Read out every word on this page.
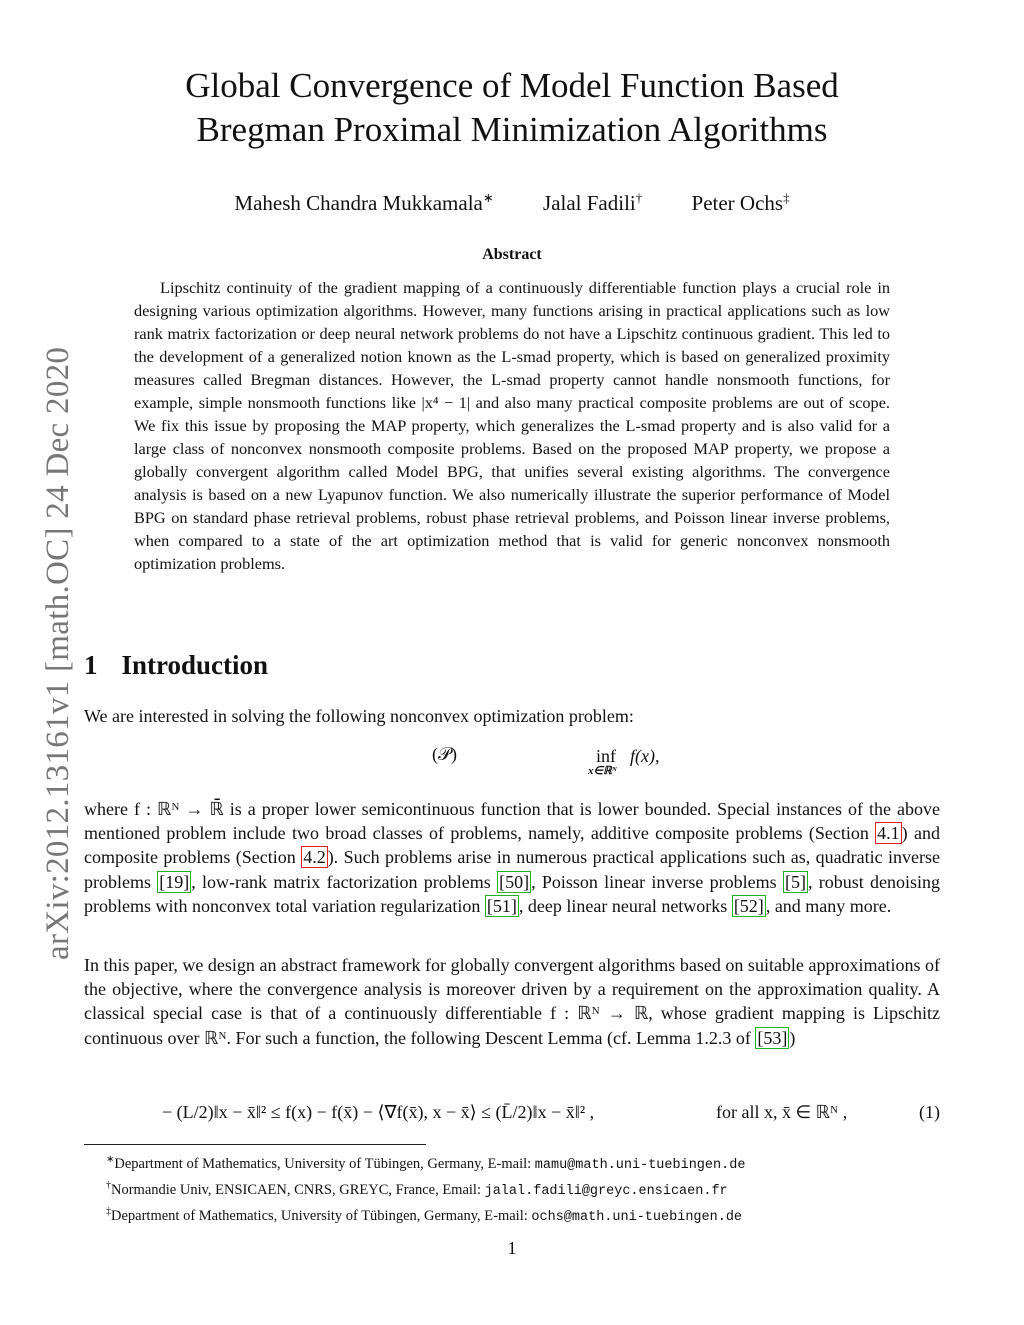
arXiv:2012.13161v1 [math.OC] 24 Dec 2020
Global Convergence of Model Function Based
Bregman Proximal Minimization Algorithms
Mahesh Chandra Mukkamala∗ Jalal Fadili† Peter Ochs‡
Abstract

Lipschitz continuity of the gradient mapping of a continuously differentiable function plays a crucial role in designing various optimization algorithms. However, many functions arising in practical applications such as low rank matrix factorization or deep neural network problems do not have a Lipschitz continuous gradient. This led to the development of a generalized notion known as the L-smad property, which is based on generalized proximity measures called Bregman distances. However, the L-smad property cannot handle nonsmooth functions, for example, simple nonsmooth functions like |x⁴ − 1| and also many practical composite problems are out of scope. We fix this issue by proposing the MAP property, which generalizes the L-smad property and is also valid for a large class of nonconvex nonsmooth composite problems. Based on the proposed MAP property, we propose a globally convergent algorithm called Model BPG, that unifies several existing algorithms. The convergence analysis is based on a new Lyapunov function. We also numerically illustrate the superior performance of Model BPG on standard phase retrieval problems, robust phase retrieval problems, and Poisson linear inverse problems, when compared to a state of the art optimization method that is valid for generic nonconvex nonsmooth optimization problems.

1 Introduction

We are interested in solving the following nonconvex optimization problem:

(𝒫)	inf
x∈ℝᴺ
f(x),

where f : ℝᴺ → ℝ̄ is a proper lower semicontinuous function that is lower bounded. Special instances of the above mentioned problem include two broad classes of problems, namely, additive composite problems (Section 4.1 ) and composite problems (Section 4.2 ). Such problems arise in numerous practical applications such as, quadratic inverse problems [19] , low-rank matrix factorization problems [50] , Poisson linear inverse problems [5] , robust denoising problems with nonconvex total variation regularization [51] , deep linear neural networks [52] , and many more.

In this paper, we design an abstract framework for globally convergent algorithms based on suitable approximations of the objective, where the convergence analysis is moreover driven by a requirement on the approximation quality. A classical special case is that of a continuously differentiable f : ℝᴺ → ℝ, whose gradient mapping is Lipschitz continuous over ℝᴺ. For such a function, the following Descent Lemma (cf. Lemma 1.2.3 of [53] )

− (L/2)‖x − x̄‖² ≤ f(x) − f(x̄) − ⟨∇f(x̄), x − x̄⟩ ≤ (L̄/2)‖x − x̄‖² ,	for all x, x̄ ∈ ℝᴺ ,	(1)

∗Department of Mathematics, University of Tübingen, Germany, E-mail: mamu@math.uni-tuebingen.de

†Normandie Univ, ENSICAEN, CNRS, GREYC, France, Email: jalal.fadili@greyc.ensicaen.fr

‡Department of Mathematics, University of Tübingen, Germany, E-mail: ochs@math.uni-tuebingen.de

1
